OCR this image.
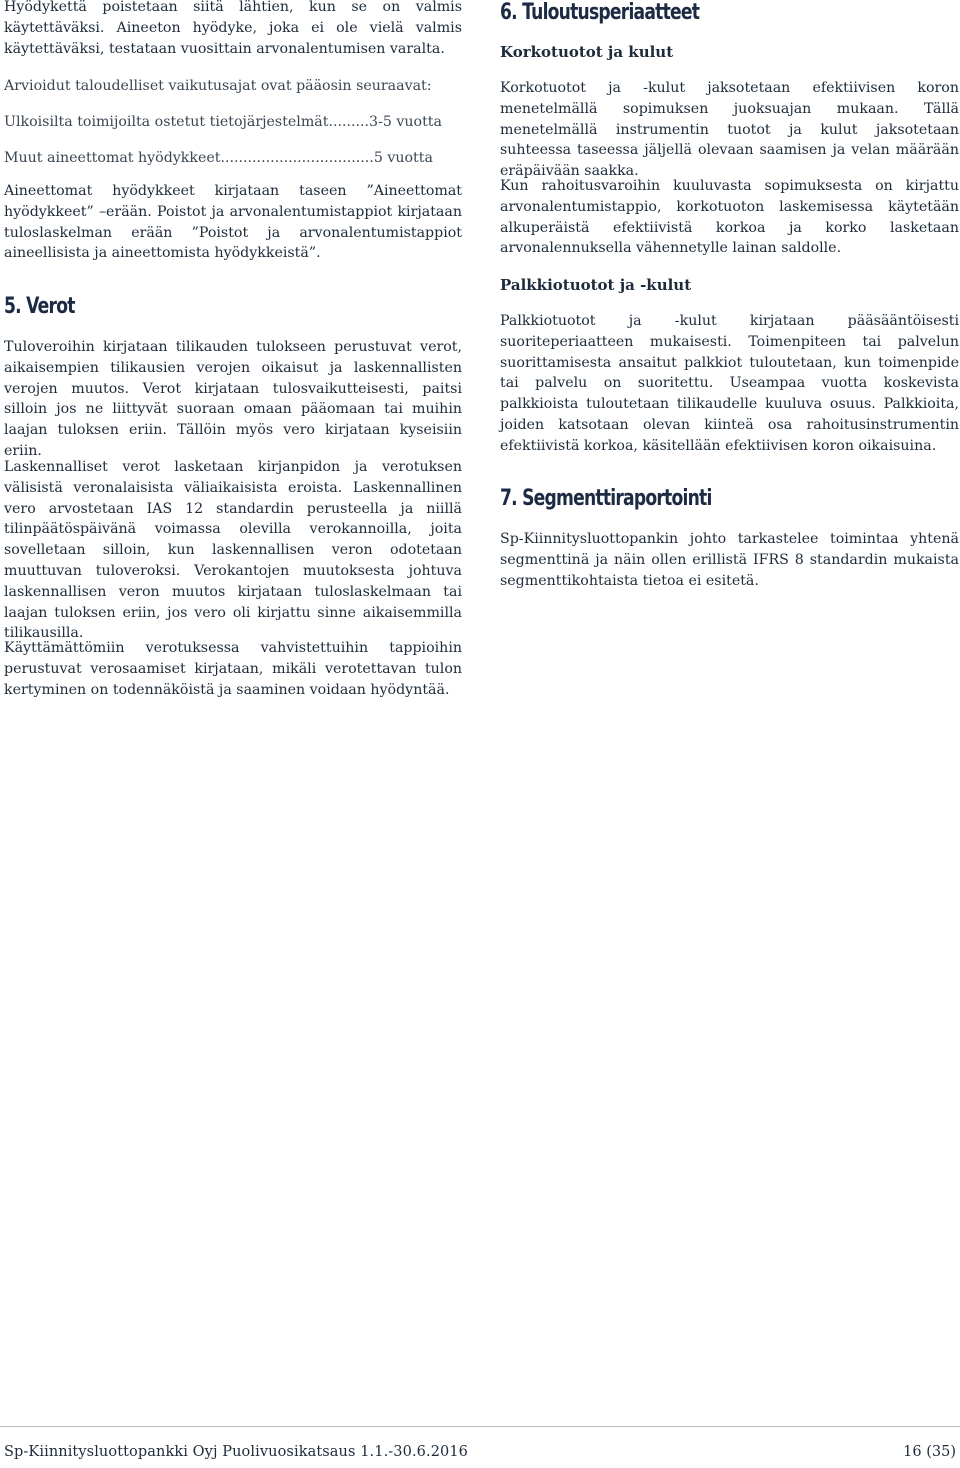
Hyödykettä poistetaan siitä lähtien, kun se on valmis käytettäväksi. Aineeton hyödyke, joka ei ole vielä valmis käytettäväksi, testataan vuosittain arvonalentumisen varalta.

Arvioidut taloudelliset vaikutusajat ovat pääosin seuraavat:

Ulkoisilta toimijoilta ostetut tietojärjestelmät.........3-5 vuotta

Muut aineettomat hyödykkeet..................................5 vuotta

Aineettomat hyödykkeet kirjataan taseen ”Aineettomat hyödykkeet” –erään. Poistot ja arvonalentumistappiot kirjataan tuloslaskelman erään ”Poistot ja arvonalentumistappiot aineellisista ja aineettomista hyödykkeistä”.

5. Verot

Tuloveroihin kirjataan tilikauden tulokseen perustuvat verot, aikaisempien tilikausien verojen oikaisut ja laskennallisten verojen muutos. Verot kirjataan tulosvaikutteisesti, paitsi silloin jos ne liittyvät suoraan omaan pääomaan tai muihin laajan tuloksen eriin. Tällöin myös vero kirjataan kyseisiin eriin.

Laskennalliset verot lasketaan kirjanpidon ja verotuksen välisistä veronalaisista väliaikaisista eroista. Laskennallinen vero arvostetaan IAS 12 standardin perusteella ja niillä tilinpäätöspäivänä voimassa olevilla verokannoilla, joita sovelletaan silloin, kun laskennallisen veron odotetaan muuttuvan tuloveroksi. Verokantojen muutoksesta johtuva laskennallisen veron muutos kirjataan tuloslaskelmaan tai laajan tuloksen eriin, jos vero oli kirjattu sinne aikaisemmilla tilikausilla.

Käyttämättömiin verotuksessa vahvistettuihin tappioihin perustuvat verosaamiset kirjataan, mikäli verotettavan tulon kertyminen on todennäköistä ja saaminen voidaan hyödyntää.

6. Tuloutusperiaatteet
Korkotuotot ja kulut

Korkotuotot ja -kulut jaksotetaan efektiivisen koron menetelmällä sopimuksen juoksuajan mukaan. Tällä menetelmällä instrumentin tuotot ja kulut jaksotetaan suhteessa taseessa jäljellä olevaan saamisen ja velan määrään eräpäivään saakka.

Kun rahoitusvaroihin kuuluvasta sopimuksesta on kirjattu arvonalentumistappio, korkotuoton laskemisessa käytetään alkuperäistä efektiivistä korkoa ja korko lasketaan arvonalennuksella vähennetylle lainan saldolle.

Palkkiotuotot ja -kulut

Palkkiotuotot ja -kulut kirjataan pääsääntöisesti suoriteperiaatteen mukaisesti. Toimenpiteen tai palvelun suorittamisesta ansaitut palkkiot tuloutetaan, kun toimenpide tai palvelu on suoritettu. Useampaa vuotta koskevista palkkioista tuloutetaan tilikaudelle kuuluva osuus. Palkkioita, joiden katsotaan olevan kiinteä osa rahoitusinstrumentin efektiivistä korkoa, käsitellään efektiivisen koron oikaisuina.

7. Segmenttiraportointi

Sp-Kiinnitysluottopankin johto tarkastelee toimintaa yhtenä segmenttinä ja näin ollen erillistä IFRS 8 standardin mukaista segmenttikohtaista tietoa ei esitetä.

Sp-Kiinnitysluottopankki Oyj Puolivuosikatsaus 1.1.-30.6.2016	16 (35)
